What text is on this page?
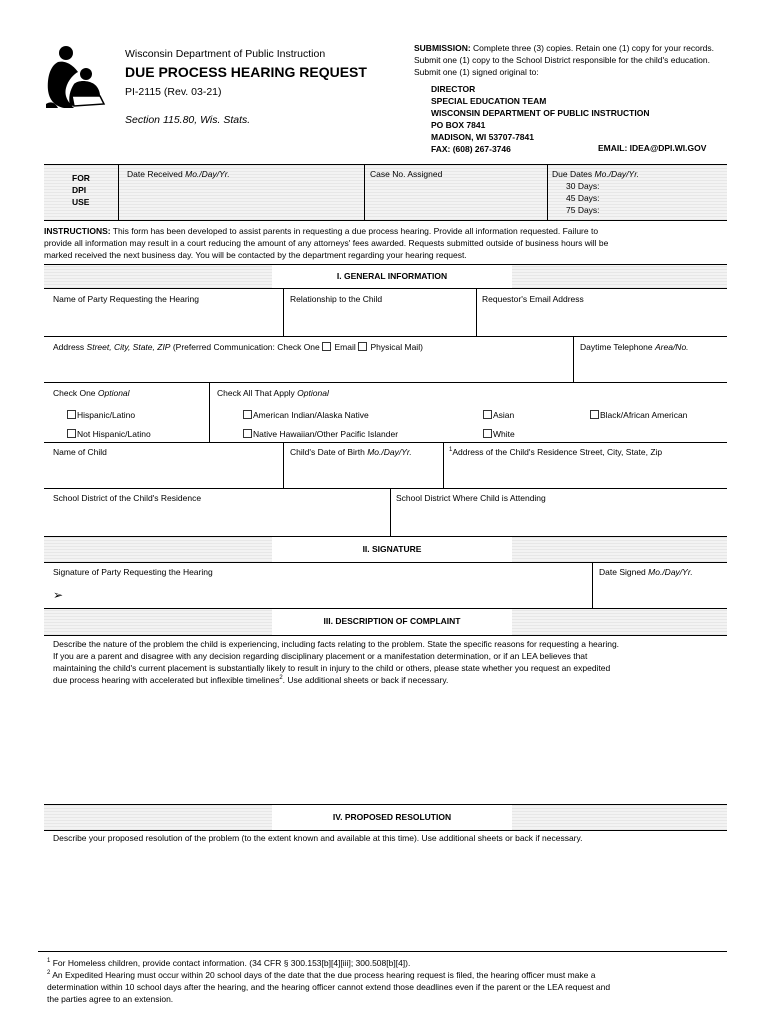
Wisconsin Department of Public Instruction
DUE PROCESS HEARING REQUEST
PI-2115 (Rev. 03-21)
Section 115.80, Wis. Stats.
SUBMISSION: Complete three (3) copies. Retain one (1) copy for your records. Submit one (1) copy to the School District responsible for the child's education. Submit one (1) signed original to:
DIRECTOR
SPECIAL EDUCATION TEAM
WISCONSIN DEPARTMENT OF PUBLIC INSTRUCTION
PO BOX 7841
MADISON, WI 53707-7841
FAX: (608) 267-3746	EMAIL: IDEA@DPI.WI.GOV
FOR
DPI
USE
Date Received Mo./Day/Yr.	Case No. Assigned	Due Dates Mo./Day/Yr.
30 Days:
45 Days:
75 Days:
INSTRUCTIONS: This form has been developed to assist parents in requesting a due process hearing. Provide all information requested. Failure to
provide all information may result in a court reducing the amount of any attorneys' fees awarded. Requests submitted outside of business hours will be
marked received the next business day. You will be contacted by the department regarding your hearing request.
I. GENERAL INFORMATION
Name of Party Requesting the Hearing	Relationship to the Child	Requestor's Email Address
Address Street, City, State, ZIP (Preferred Communication: Check One  Email  Physical Mail)	Daytime Telephone Area/No.
Check One Optional	Check All That Apply Optional
Hispanic/Latino
Not Hispanic/Latino
American Indian/Alaska Native
Native Hawaiian/Other Pacific Islander
Asian
White
Black/African American
Name of Child	Child's Date of Birth Mo./Day/Yr.	$^1$Address of the Child's Residence Street, City, State, Zip
School District of the Child's Residence	School District Where Child is Attending
II. SIGNATURE
Signature of Party Requesting the Hearing
➢
Date Signed Mo./Day/Yr.
III. DESCRIPTION OF COMPLAINT
Describe the nature of the problem the child is experiencing, including facts relating to the problem. State the specific reasons for requesting a hearing.
If you are a parent and disagree with any decision regarding disciplinary placement or a manifestation determination, or if an LEA believes that
maintaining the child's current placement is substantially likely to result in injury to the child or others, please state whether you request an expedited
due process hearing with accelerated but inflexible timelines$^2$. Use additional sheets or back if necessary.
IV. PROPOSED RESOLUTION
Describe your proposed resolution of the problem (to the extent known and available at this time). Use additional sheets or back if necessary.
$^1$ For Homeless children, provide contact information. (34 CFR § 300.153[b][4][iii]; 300.508[b][4]).
$^2$ An Expedited Hearing must occur within 20 school days of the date that the due process hearing request is filed, the hearing officer must make a
determination within 10 school days after the hearing, and the hearing officer cannot extend those deadlines even if the parent or the LEA request and
the parties agree to an extension.
